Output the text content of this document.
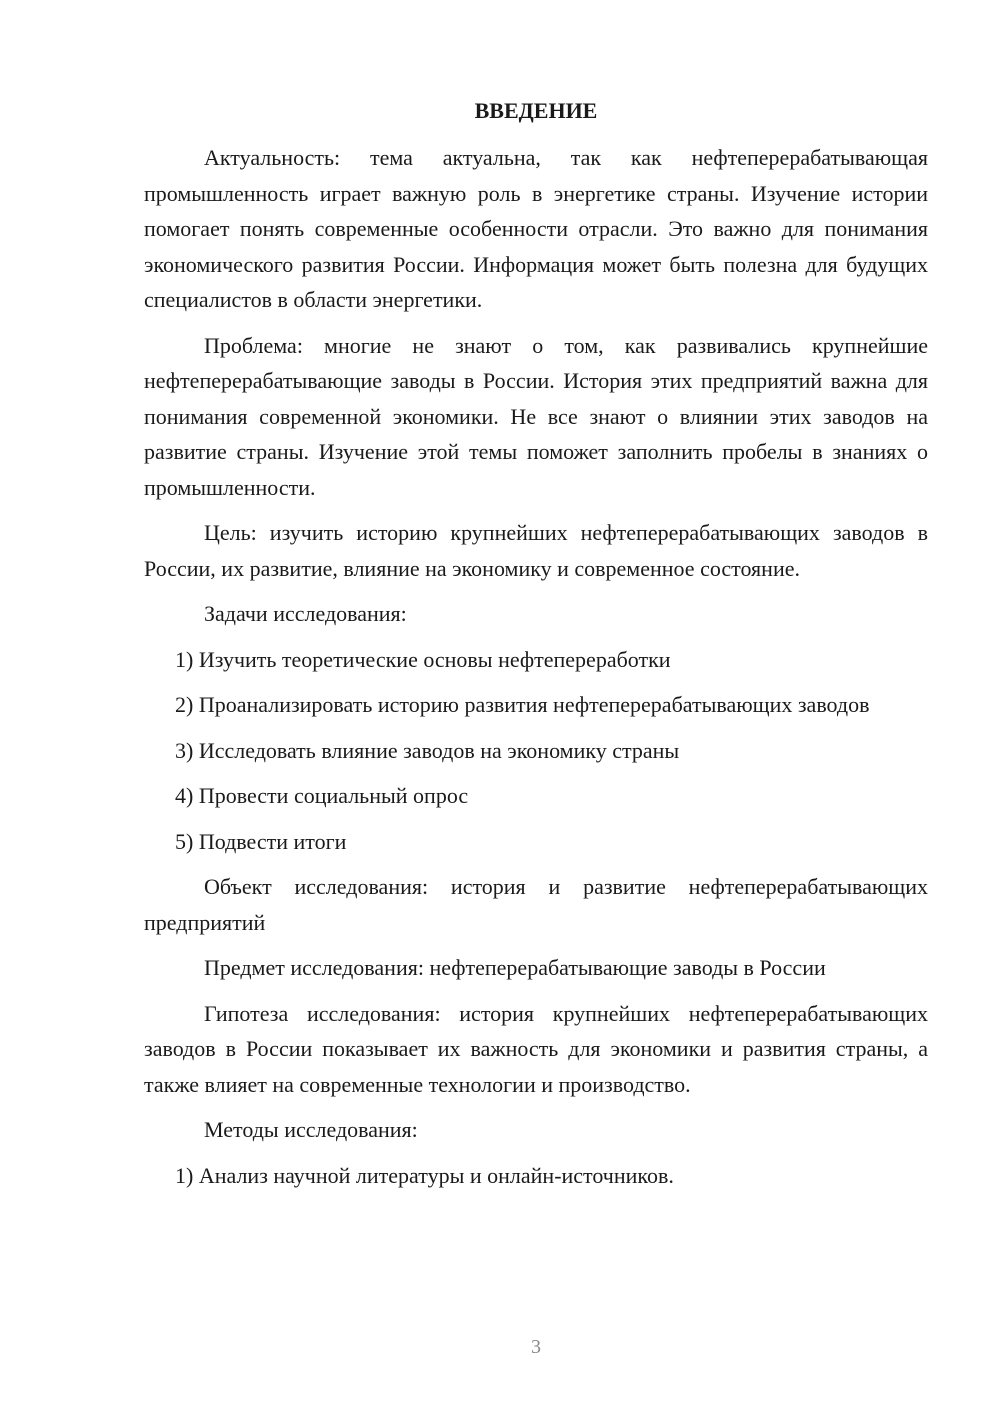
ВВЕДЕНИЕ

Актуальность: тема актуальна, так как нефтеперерабатывающая промышленность играет важную роль в энергетике страны. Изучение истории помогает понять современные особенности отрасли. Это важно для понимания экономического развития России. Информация может быть полезна для будущих специалистов в области энергетики.

Проблема: многие не знают о том, как развивались крупнейшие нефтеперерабатывающие заводы в России. История этих предприятий важна для понимания современной экономики. Не все знают о влиянии этих заводов на развитие страны. Изучение этой темы поможет заполнить пробелы в знаниях о промышленности.

Цель: изучить историю крупнейших нефтеперерабатывающих заводов в России, их развитие, влияние на экономику и современное состояние.

Задачи исследования:

1) Изучить теоретические основы нефтепереработки

2) Проанализировать историю развития нефтеперерабатывающих заводов

3) Исследовать влияние заводов на экономику страны

4) Провести социальный опрос

5) Подвести итоги

Объект исследования: история и развитие нефтеперерабатывающих предприятий

Предмет исследования: нефтеперерабатывающие заводы в России

Гипотеза исследования: история крупнейших нефтеперерабатывающих заводов в России показывает их важность для экономики и развития страны, а также влияет на современные технологии и производство.

Методы исследования:

1) Анализ научной литературы и онлайн-источников.

3
